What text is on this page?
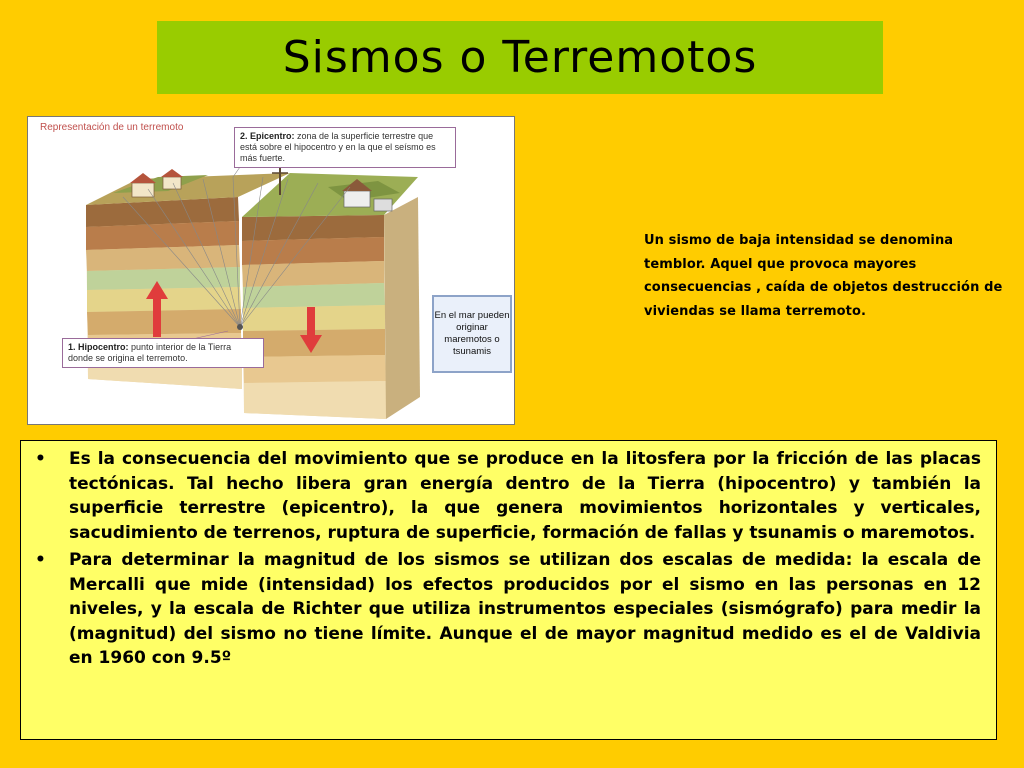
Sismos o Terremotos
Representación de un terremoto
2. Epicentro: zona de la superficie terrestre que está sobre el hipocentro y en la que el seísmo es más fuerte.
1. Hipocentro: punto interior de la Tierra donde se origina el terremoto.
En el mar pueden originar maremotos o tsunamis
Un sismo de baja intensidad se denomina temblor. Aquel que provoca mayores consecuencias , caída de objetos destrucción de viviendas se llama terremoto.
• Es la consecuencia del movimiento que se produce en la litosfera por la fricción de las placas tectónicas. Tal hecho libera gran energía dentro de la Tierra (hipocentro) y también la superficie terrestre (epicentro), la que genera movimientos horizontales y verticales, sacudimiento de terrenos, ruptura de superficie, formación de fallas y tsunamis o maremotos.
• Para determinar la magnitud de los sismos se utilizan dos escalas de medida: la escala de Mercalli que mide (intensidad) los efectos producidos por el sismo en las personas en 12 niveles, y la escala de Richter que utiliza instrumentos especiales (sismógrafo) para medir la (magnitud) del sismo no tiene límite. Aunque el de mayor magnitud medido es el de Valdivia en 1960 con 9.5º
